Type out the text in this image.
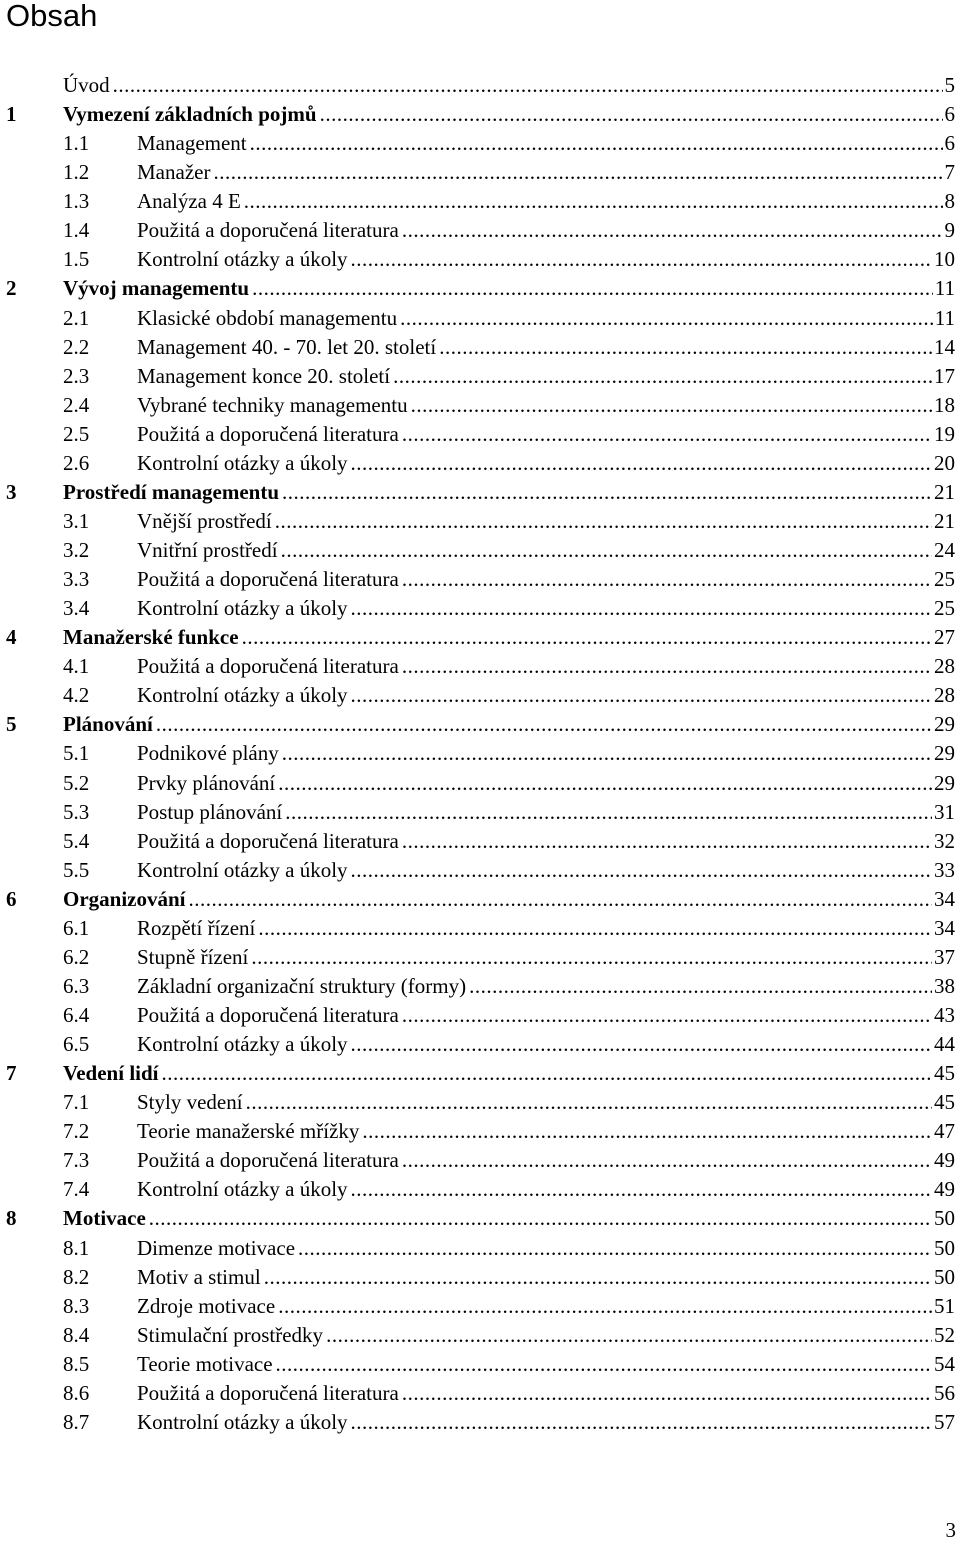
Obsah
Úvod .....	5
1 Vymezení základních pojmů .....	6
1.1 Management .....	6
1.2 Manažer .....	7
1.3 Analýza 4 E .....	8
1.4 Použitá a doporučená literatura .....	9
1.5 Kontrolní otázky a úkoly .....	10
2 Vývoj managementu .....	11
2.1 Klasické období managementu .....	11
2.2 Management 40. - 70. let 20. století .....	14
2.3 Management konce 20. století .....	17
2.4 Vybrané techniky managementu .....	18
2.5 Použitá a doporučená literatura .....	19
2.6 Kontrolní otázky a úkoly .....	20
3 Prostředí managementu .....	21
3.1 Vnější prostředí .....	21
3.2 Vnitřní prostředí .....	24
3.3 Použitá a doporučená literatura .....	25
3.4 Kontrolní otázky a úkoly .....	25
4 Manažerské funkce .....	27
4.1 Použitá a doporučená literatura .....	28
4.2 Kontrolní otázky a úkoly .....	28
5 Plánování .....	29
5.1 Podnikové plány .....	29
5.2 Prvky plánování .....	29
5.3 Postup plánování .....	31
5.4 Použitá a doporučená literatura .....	32
5.5 Kontrolní otázky a úkoly .....	33
6 Organizování .....	34
6.1 Rozpětí řízení .....	34
6.2 Stupně řízení .....	37
6.3 Základní organizační struktury (formy) .....	38
6.4 Použitá a doporučená literatura .....	43
6.5 Kontrolní otázky a úkoly .....	44
7 Vedení lidí .....	45
7.1 Styly vedení .....	45
7.2 Teorie manažerské mřížky .....	47
7.3 Použitá a doporučená literatura .....	49
7.4 Kontrolní otázky a úkoly .....	49
8 Motivace .....	50
8.1 Dimenze motivace .....	50
8.2 Motiv a stimul .....	50
8.3 Zdroje motivace .....	51
8.4 Stimulační prostředky .....	52
8.5 Teorie motivace .....	54
8.6 Použitá a doporučená literatura .....	56
8.7 Kontrolní otázky a úkoly .....	57
3
